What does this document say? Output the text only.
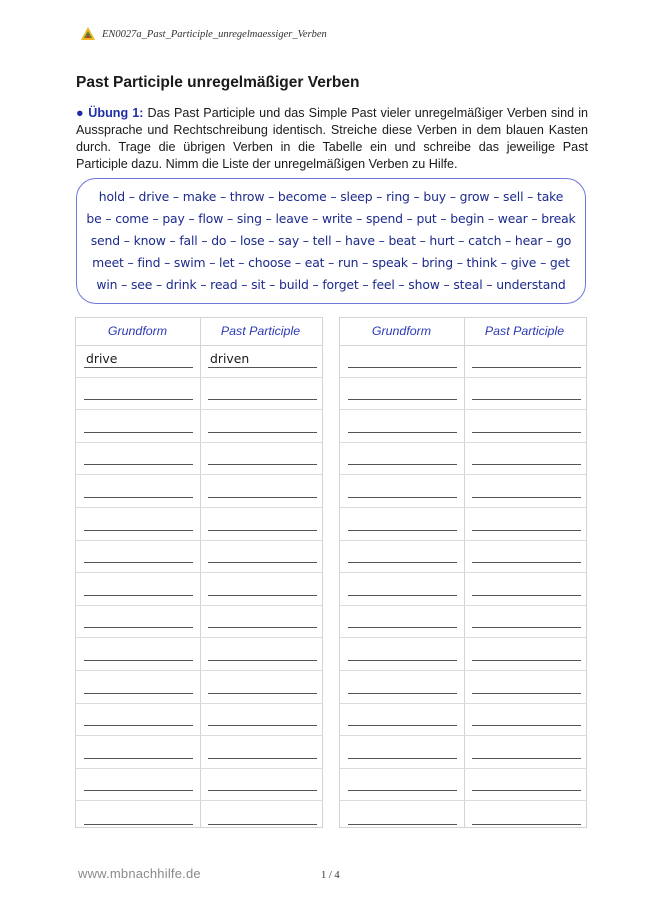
EN0027a_Past_Participle_unregelmaessiger_Verben
Past Participle unregelmäßiger Verben
● Übung 1: Das Past Participle und das Simple Past vieler unregelmäßiger Verben sind in Aussprache und Rechtschreibung identisch. Streiche diese Verben in dem blauen Kasten durch. Trage die übrigen Verben in die Tabelle ein und schreibe das jeweilige Past Participle dazu. Nimm die Liste der unregelmäßigen Verben zu Hilfe.
hold – drive – make – throw – become – sleep – ring – buy – grow – sell – take
be – come – pay – flow – sing – leave – write – spend – put – begin – wear – break
send – know – fall – do – lose – say – tell – have – beat – hurt – catch – hear – go
meet – find – swim – let – choose – eat – run – speak – bring – think – give – get
win – see – drink – read – sit – build – forget – feel – show – steal – understand
Grundform	Past Participle
drive	driven
Grundform	Past Participle
www.mbnachhilfe.de	1 / 4
